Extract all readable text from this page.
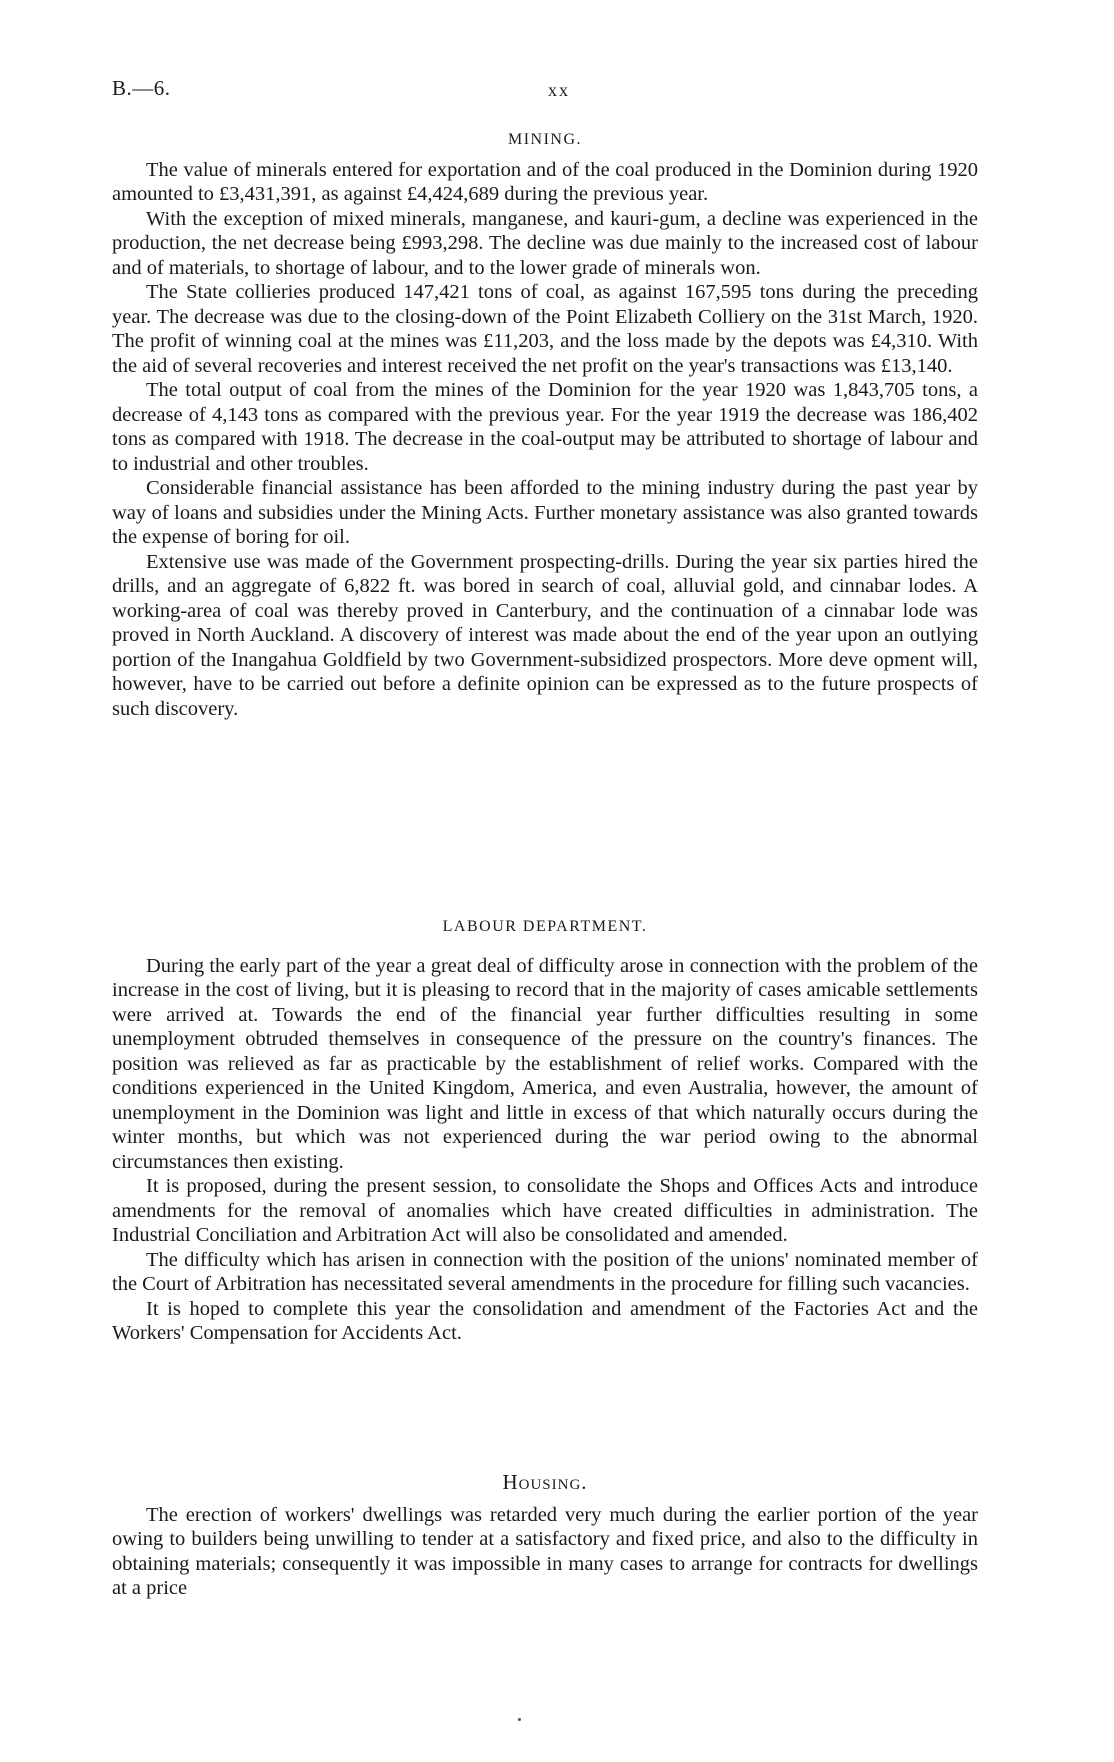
B.—6.	xx
MINING.

The value of minerals entered for exportation and of the coal produced in the Dominion during 1920 amounted to £3,431,391, as against £4,424,689 during the previous year.

With the exception of mixed minerals, manganese, and kauri-gum, a decline was experienced in the production, the net decrease being £993,298. The decline was due mainly to the increased cost of labour and of materials, to shortage of labour, and to the lower grade of minerals won.

The State collieries produced 147,421 tons of coal, as against 167,595 tons during the preceding year. The decrease was due to the closing-down of the Point Elizabeth Colliery on the 31st March, 1920. The profit of winning coal at the mines was £11,203, and the loss made by the depots was £4,310. With the aid of several recoveries and interest received the net profit on the year's transactions was £13,140.

The total output of coal from the mines of the Dominion for the year 1920 was 1,843,705 tons, a decrease of 4,143 tons as compared with the previous year. For the year 1919 the decrease was 186,402 tons as compared with 1918. The decrease in the coal-output may be attributed to shortage of labour and to industrial and other troubles.

Considerable financial assistance has been afforded to the mining industry during the past year by way of loans and subsidies under the Mining Acts. Further monetary assistance was also granted towards the expense of boring for oil.

Extensive use was made of the Government prospecting-drills. During the year six parties hired the drills, and an aggregate of 6,822 ft. was bored in search of coal, alluvial gold, and cinnabar lodes. A working-area of coal was thereby proved in Canterbury, and the continuation of a cinnabar lode was proved in North Auckland. A discovery of interest was made about the end of the year upon an outlying portion of the Inangahua Goldfield by two Government-subsidized prospectors. More deve opment will, however, have to be carried out before a definite opinion can be expressed as to the future prospects of such discovery.

LABOUR DEPARTMENT.

During the early part of the year a great deal of difficulty arose in connection with the problem of the increase in the cost of living, but it is pleasing to record that in the majority of cases amicable settlements were arrived at. Towards the end of the financial year further difficulties resulting in some unemployment obtruded themselves in consequence of the pressure on the country's finances. The position was relieved as far as practicable by the establishment of relief works. Compared with the conditions experienced in the United Kingdom, America, and even Australia, however, the amount of unemployment in the Dominion was light and little in excess of that which naturally occurs during the winter months, but which was not experienced during the war period owing to the abnormal circumstances then existing.

It is proposed, during the present session, to consolidate the Shops and Offices Acts and introduce amendments for the removal of anomalies which have created difficulties in administration. The Industrial Conciliation and Arbitration Act will also be consolidated and amended.

The difficulty which has arisen in connection with the position of the unions' nominated member of the Court of Arbitration has necessitated several amendments in the procedure for filling such vacancies.

It is hoped to complete this year the consolidation and amendment of the Factories Act and the Workers' Compensation for Accidents Act.

Housing.

The erection of workers' dwellings was retarded very much during the earlier portion of the year owing to builders being unwilling to tender at a satisfactory and fixed price, and also to the difficulty in obtaining materials; consequently it was impossible in many cases to arrange for contracts for dwellings at a price
